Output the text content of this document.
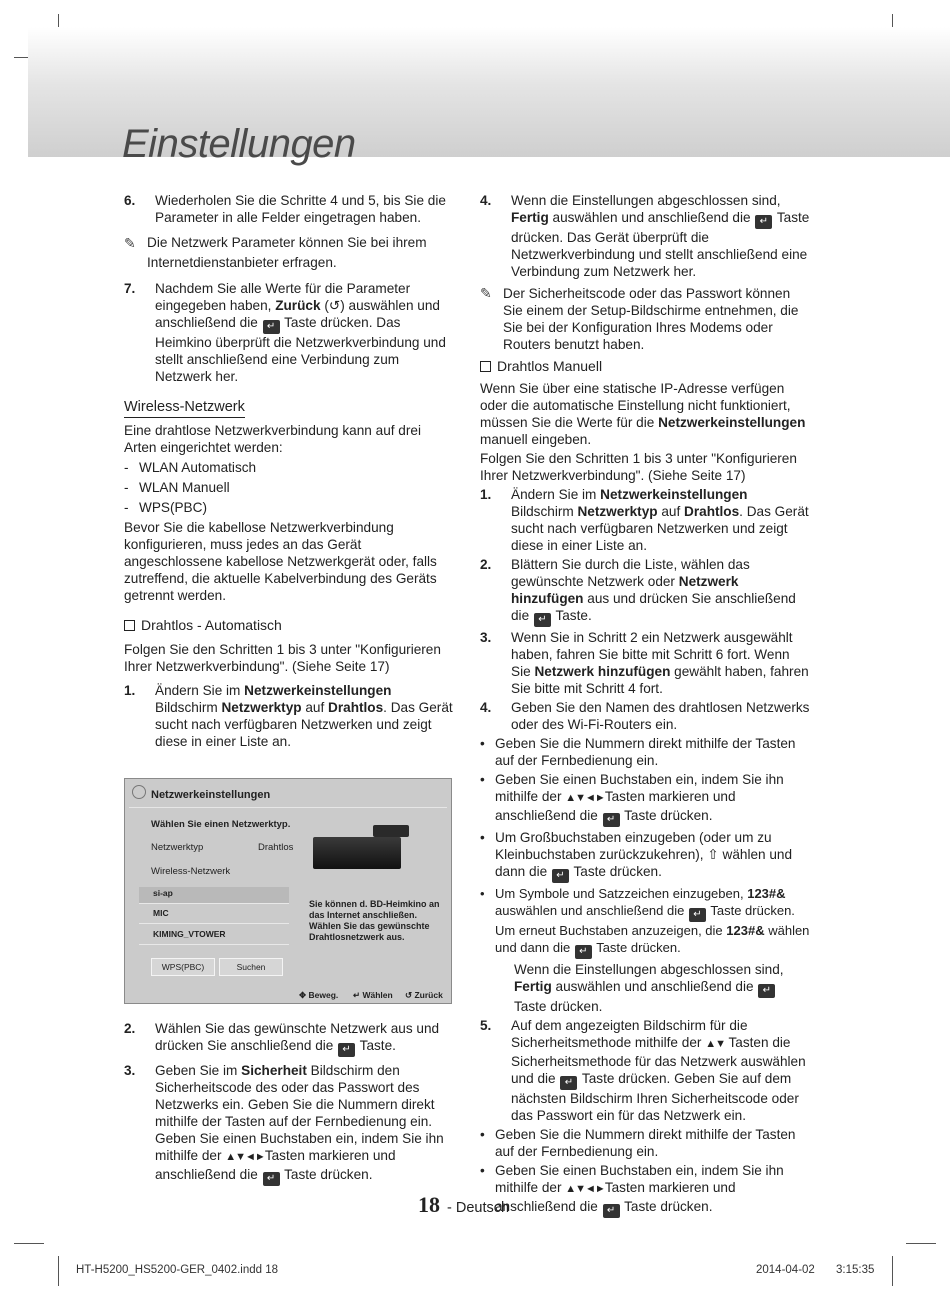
Einstellungen

6. Wiederholen Sie die Schritte 4 und 5, bis Sie die Parameter in alle Felder eingetragen haben.

✎ Die Netzwerk Parameter können Sie bei ihrem Internetdienstanbieter erfragen.

7. Nachdem Sie alle Werte für die Parameter eingegeben haben, Zurück (↺) auswählen und anschließend die ↵ Taste drücken. Das Heimkino überprüft die Netzwerkverbindung und stellt anschließend eine Verbindung zum Netzwerk her.

Wireless-Netzwerk

Eine drahtlose Netzwerkverbindung kann auf drei Arten eingerichtet werden:

- WLAN Automatisch

- WLAN Manuell

- WPS(PBC)

Bevor Sie die kabellose Netzwerkverbindung konfigurieren, muss jedes an das Gerät angeschlossene kabellose Netzwerkgerät oder, falls zutreffend, die aktuelle Kabelverbindung des Geräts getrennt werden.

Drahtlos - Automatisch

Folgen Sie den Schritten 1 bis 3 unter "Konfigurieren Ihrer Netzwerkverbindung". (Siehe Seite 17)

1. Ändern Sie im Netzwerkeinstellungen Bildschirm Netzwerktyp auf Drahtlos. Das Gerät sucht nach verfügbaren Netzwerken und zeigt diese in einer Liste an.

Netzwerkeinstellungen
Wählen Sie einen Netzwerktyp.
Netzwerktyp	Drahtlos
Wireless-Netzwerk
si-ap
MIC
KIMING_VTOWER
WPS(PBC)	Suchen
Sie können d. BD-Heimkino an das Internet anschließen. Wählen Sie das gewünschte Drahtlosnetzwerk aus.
✥ Beweg. ↵ Wählen ↺ Zurück

2. Wählen Sie das gewünschte Netzwerk aus und drücken Sie anschließend die ↵ Taste.

3. Geben Sie im Sicherheit Bildschirm den Sicherheitscode des oder das Passwort des Netzwerks ein. Geben Sie die Nummern direkt mithilfe der Tasten auf der Fernbedienung ein. Geben Sie einen Buchstaben ein, indem Sie ihn mithilfe der ▲▼◄►Tasten markieren und anschließend die ↵ Taste drücken.

4. Wenn die Einstellungen abgeschlossen sind, Fertig auswählen und anschließend die ↵ Taste drücken. Das Gerät überprüft die Netzwerkverbindung und stellt anschließend eine Verbindung zum Netzwerk her.

✎ Der Sicherheitscode oder das Passwort können Sie einem der Setup-Bildschirme entnehmen, die Sie bei der Konfiguration Ihres Modems oder Routers benutzt haben.

Drahtlos Manuell

Wenn Sie über eine statische IP-Adresse verfügen oder die automatische Einstellung nicht funktioniert, müssen Sie die Werte für die Netzwerkeinstellungen manuell eingeben.

Folgen Sie den Schritten 1 bis 3 unter "Konfigurieren Ihrer Netzwerkverbindung". (Siehe Seite 17)

1. Ändern Sie im Netzwerkeinstellungen Bildschirm Netzwerktyp auf Drahtlos. Das Gerät sucht nach verfügbaren Netzwerken und zeigt diese in einer Liste an.

2. Blättern Sie durch die Liste, wählen das gewünschte Netzwerk oder Netzwerk hinzufügen aus und drücken Sie anschließend die ↵ Taste.

3. Wenn Sie in Schritt 2 ein Netzwerk ausgewählt haben, fahren Sie bitte mit Schritt 6 fort. Wenn Sie Netzwerk hinzufügen gewählt haben, fahren Sie bitte mit Schritt 4 fort.

4. Geben Sie den Namen des drahtlosen Netzwerks oder des Wi-Fi-Routers ein.

• Geben Sie die Nummern direkt mithilfe der Tasten auf der Fernbedienung ein.

• Geben Sie einen Buchstaben ein, indem Sie ihn mithilfe der ▲▼◄►Tasten markieren und anschließend die ↵ Taste drücken.

• Um Großbuchstaben einzugeben (oder um zu Kleinbuchstaben zurückzukehren), ⇧ wählen und dann die ↵ Taste drücken.

• Um Symbole und Satzzeichen einzugeben, 123#& auswählen und anschließend die ↵ Taste drücken. Um erneut Buchstaben anzuzeigen, die 123#& wählen und dann die ↵ Taste drücken.

Wenn die Einstellungen abgeschlossen sind, Fertig auswählen und anschließend die ↵ Taste drücken.

5. Auf dem angezeigten Bildschirm für die Sicherheitsmethode mithilfe der ▲▼ Tasten die Sicherheitsmethode für das Netzwerk auswählen und die ↵ Taste drücken. Geben Sie auf dem nächsten Bildschirm Ihren Sicherheitscode oder das Passwort ein für das Netzwerk ein.

• Geben Sie die Nummern direkt mithilfe der Tasten auf der Fernbedienung ein.

• Geben Sie einen Buchstaben ein, indem Sie ihn mithilfe der ▲▼◄►Tasten markieren und anschließend die ↵ Taste drücken.

18 - Deutsch
HT-H5200_HS5200-GER_0402.indd 18	2014-04-02 3:15:35
